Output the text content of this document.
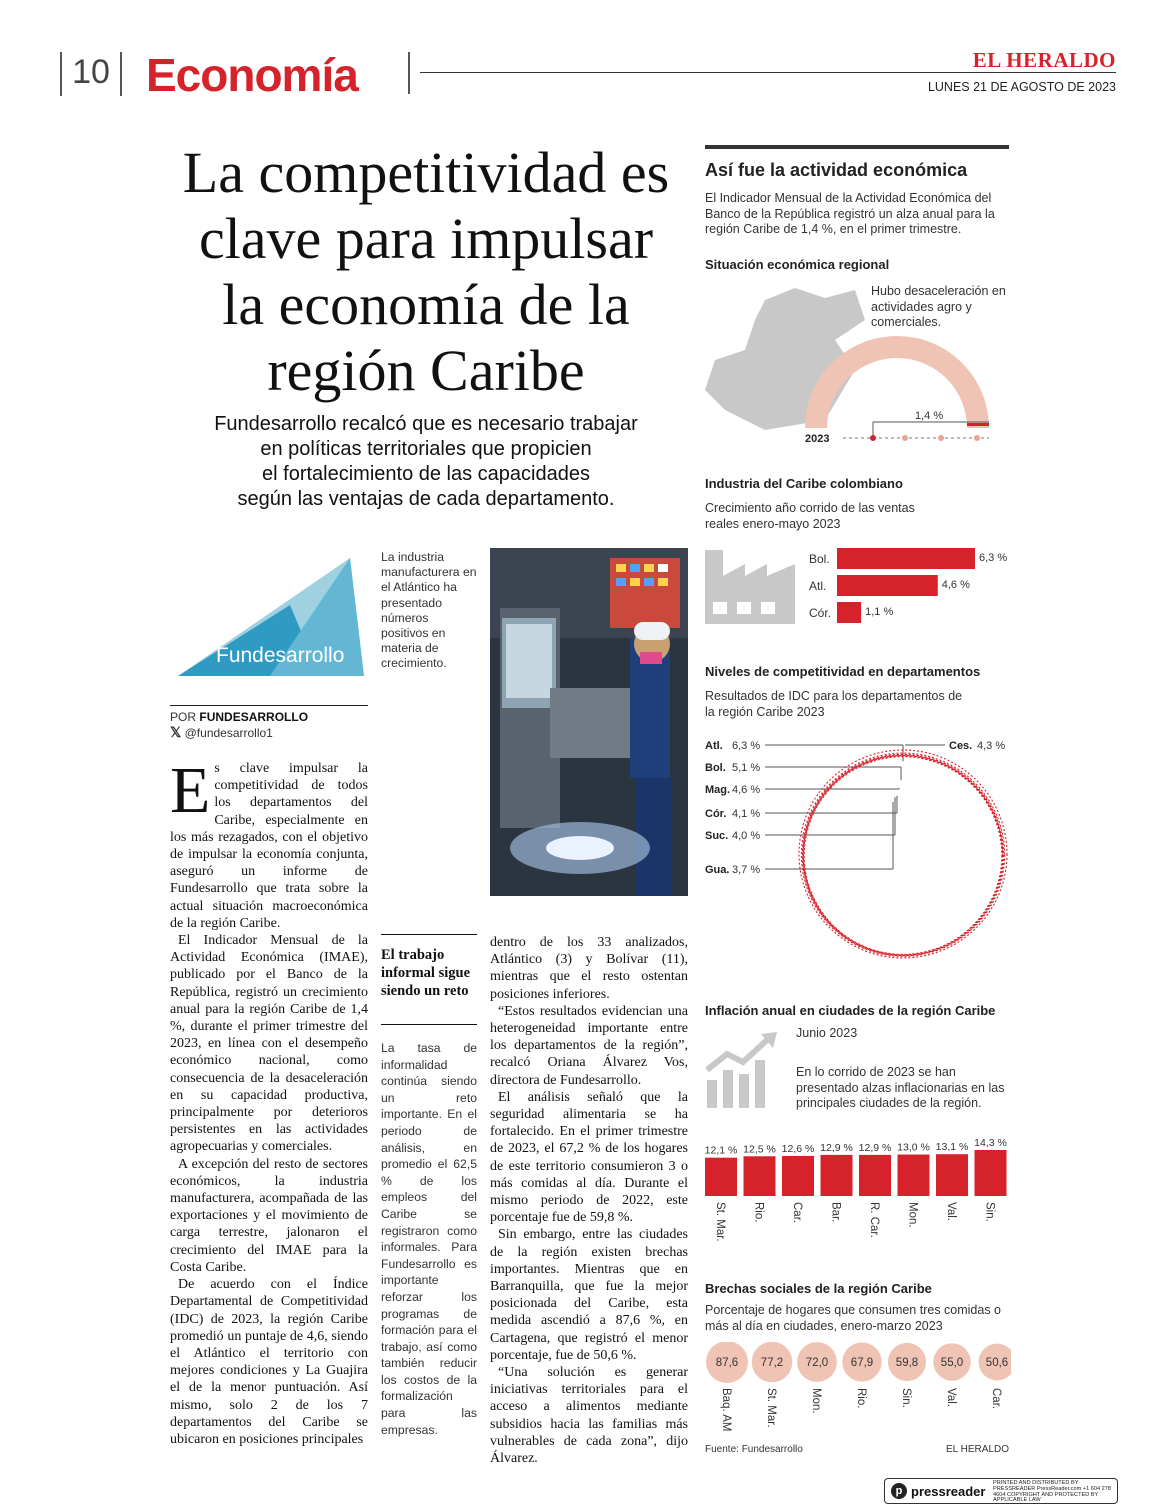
10 Economía	EL HERALDO
LUNES 21 DE AGOSTO DE 2023
La competitividad es
clave para impulsar
la economía de la
región Caribe
Fundesarrollo recalcó que es necesario trabajar
en políticas territoriales que propicien
el fortalecimiento de las capacidades
según las ventajas de cada departamento.
Fundesarrollo
La industria manufacturera en el Atlántico ha presentado números positivos en materia de crecimiento.
POR FUNDESARROLLO
𝕏 @fundesarrollo1

Es clave impulsar la competitividad de todos los departamentos del Caribe, especialmente en los más rezagados, con el objetivo de impulsar la economía conjunta, aseguró un informe de Fundesarrollo que trata sobre la actual situación macroeconómica de la región Caribe.

El Indicador Mensual de la Actividad Económica (IMAE), publicado por el Banco de la República, registró un crecimiento anual para la región Caribe de 1,4 %, durante el primer trimestre del 2023, en línea con el desempeño económico nacional, como consecuencia de la desaceleración en su capacidad productiva, principalmente por deterioros persistentes en las actividades agropecuarias y comerciales.

A excepción del resto de sectores económicos, la industria manufacturera, acompañada de las exportaciones y el movimiento de carga terrestre, jalonaron el crecimiento del IMAE para la Costa Caribe.

De acuerdo con el Índice Departamental de Competitividad (IDC) de 2023, la región Caribe promedió un puntaje de 4,6, siendo el Atlántico el territorio con mejores condiciones y La Guajira el de la menor puntuación. Así mismo, solo 2 de los 7 departamentos del Caribe se ubicaron en posiciones principales

El trabajo informal sigue siendo un reto
La tasa de informalidad continúa siendo un reto importante. En el periodo de análisis, en promedio el 62,5 % de los empleos del Caribe se registraron como informales. Para Fundesarrollo es importante reforzar los programas de formación para el trabajo, así como también reducir los costos de la formalización para las empresas.

dentro de los 33 analizados, Atlántico (3) y Bolívar (11), mientras que el resto ostentan posiciones inferiores.

“Estos resultados evidencian una heterogeneidad importante entre los departamentos de la región”, recalcó Oriana Álvarez Vos, directora de Fundesarrollo.

El análisis señaló que la seguridad alimentaria se ha fortalecido. En el primer trimestre de 2023, el 67,2 % de los hogares de este territorio consumieron 3 o más comidas al día. Durante el mismo periodo de 2022, este porcentaje fue de 59,8 %.

Sin embargo, entre las ciudades de la región existen brechas importantes. Mientras que en Barranquilla, que fue la mejor posicionada del Caribe, esta medida ascendió a 87,6 %, en Cartagena, que registró el menor porcentaje, fue de 50,6 %.

“Una solución es generar iniciativas territoriales para el acceso a alimentos mediante subsidios hacia las familias más vulnerables de cada zona”, dijo Álvarez.

Así fue la actividad económica
El Indicador Mensual de la Actividad Económica del Banco de la República registró un alza anual para la región Caribe de 1,4 %, en el primer trimestre.
Situación económica regional
Hubo desaceleración en actividades agro y comerciales.
1,4 %
2023
Industria del Caribe colombiano
Crecimiento año corrido de las ventas reales enero-mayo 2023
Bol.	6,3 %
Atl.	4,6 %
Cór.	1,1 %
Niveles de competitividad en departamentos
Resultados de IDC para los departamentos de la región Caribe 2023
Atl. 6,3 %
Bol. 5,1 %
Mag. 4,6 %
Cór. 4,1 %
Suc. 4,0 %
Gua. 3,7 %
Ces. 4,3 %
Inflación anual en ciudades de la región Caribe
Junio 2023
En lo corrido de 2023 se han presentado alzas inflacionarias en las principales ciudades de la región.
12,1 %
St. Mar.
12,5 %
Rio.
12,6 %
Car.
12,9 %
Bar.
12,9 %
R. Car.
13,0 %
Mon.
13,1 %
Val.
14,3 %
Sin.
Brechas sociales de la región Caribe
Porcentaje de hogares que consumen tres comidas o más al día en ciudades, enero-marzo 2023
87,6
Baq. AM
77,2
St. Mar.
72,0
Mon.
67,9
Rio.
59,8
Sin.
55,0
Val.
50,6
Car.
Fuente: Fundesarrollo	EL HERALDO
p pressreader
PRINTED AND DISTRIBUTED BY PRESSREADER PressReader.com +1 604 278 4604 COPYRIGHT AND PROTECTED BY APPLICABLE LAW
